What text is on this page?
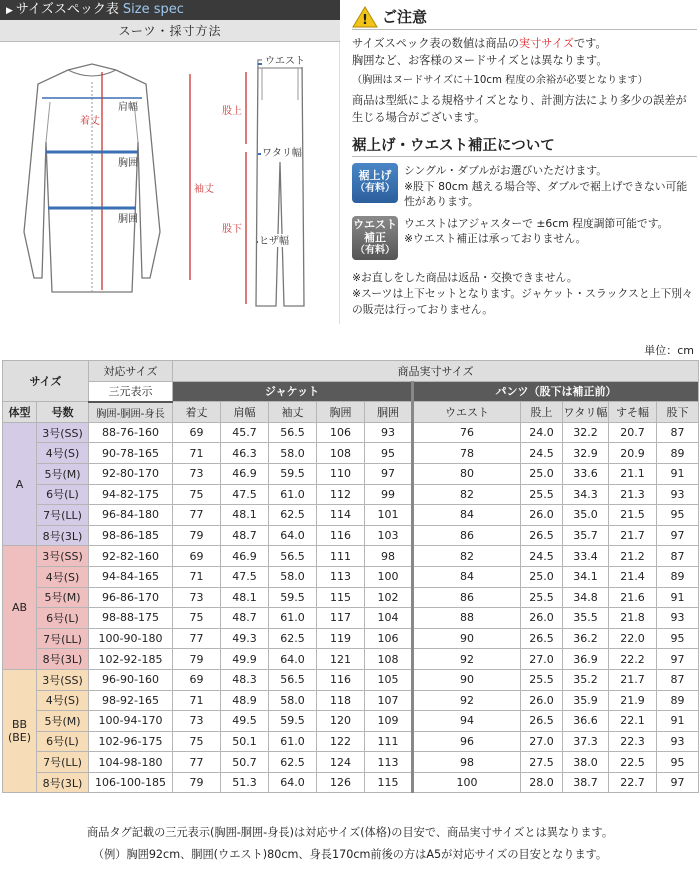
▶ サイズスペック表 Size spec
スーツ・採寸方法
肩幅
着丈
胸囲
胴囲
袖丈
ウエスト
股上
ワタリ幅
股下
ヒザ幅
! ご注意
サイズスペック表の数値は商品の実寸サイズです。
胸囲など、お客様のヌードサイズとは異なります。
（胸囲はヌードサイズに＋10cm 程度の余裕が必要となります）
商品は型紙による規格サイズとなり、計測方法により多少の誤差が生じる場合がございます。
裾上げ・ウエスト補正について
裾上げ
（有料）
シングル・ダブルがお選びいただけます。
※股下 80cm 越える場合等、ダブルで裾上げできない可能性があります。
ウエスト
補正
（有料）
ウエストはアジャスターで ±6cm 程度調節可能です。
※ウエスト補正は承っておりません。
※お直しをした商品は返品・交換できません。
※スーツは上下セットとなります。ジャケット・スラックスと上下別々の販売は行っておりません。
単位：cm
サイズ		対応サイズ	商品実寸サイズ									
		三元表示	ジャケット					パンツ（股下は補正前）				
体型	号数	胸囲-胴囲-身長	着丈	肩幅	袖丈	胸囲	胴囲	ウエスト	股上	ワタリ幅	すそ幅	股下
A	3号(SS)	88-76-160	69	45.7	56.5	106	93	76	24.0	32.2	20.7	87
	4号(S)	90-78-165	71	46.3	58.0	108	95	78	24.5	32.9	20.9	89
	5号(M)	92-80-170	73	46.9	59.5	110	97	80	25.0	33.6	21.1	91
	6号(L)	94-82-175	75	47.5	61.0	112	99	82	25.5	34.3	21.3	93
	7号(LL)	96-84-180	77	48.1	62.5	114	101	84	26.0	35.0	21.5	95
	8号(3L)	98-86-185	79	48.7	64.0	116	103	86	26.5	35.7	21.7	97
AB	3号(SS)	92-82-160	69	46.9	56.5	111	98	82	24.5	33.4	21.2	87
	4号(S)	94-84-165	71	47.5	58.0	113	100	84	25.0	34.1	21.4	89
	5号(M)	96-86-170	73	48.1	59.5	115	102	86	25.5	34.8	21.6	91
	6号(L)	98-88-175	75	48.7	61.0	117	104	88	26.0	35.5	21.8	93
	7号(LL)	100-90-180	77	49.3	62.5	119	106	90	26.5	36.2	22.0	95
	8号(3L)	102-92-185	79	49.9	64.0	121	108	92	27.0	36.9	22.2	97
BB
(BE)	3号(SS)	96-90-160	69	48.3	56.5	116	105	90	25.5	35.2	21.7	87
	4号(S)	98-92-165	71	48.9	58.0	118	107	92	26.0	35.9	21.9	89
	5号(M)	100-94-170	73	49.5	59.5	120	109	94	26.5	36.6	22.1	91
	6号(L)	102-96-175	75	50.1	61.0	122	111	96	27.0	37.3	22.3	93
	7号(LL)	104-98-180	77	50.7	62.5	124	113	98	27.5	38.0	22.5	95
	8号(3L)	106-100-185	79	51.3	64.0	126	115	100	28.0	38.7	22.7	97
商品タグ記載の三元表示(胸囲-胴囲-身長)は対応サイズ(体格)の目安で、商品実寸サイズとは異なります。
（例）胸囲92cm、胴囲(ウエスト)80cm、身長170cm前後の方はA5が対応サイズの目安となります。
